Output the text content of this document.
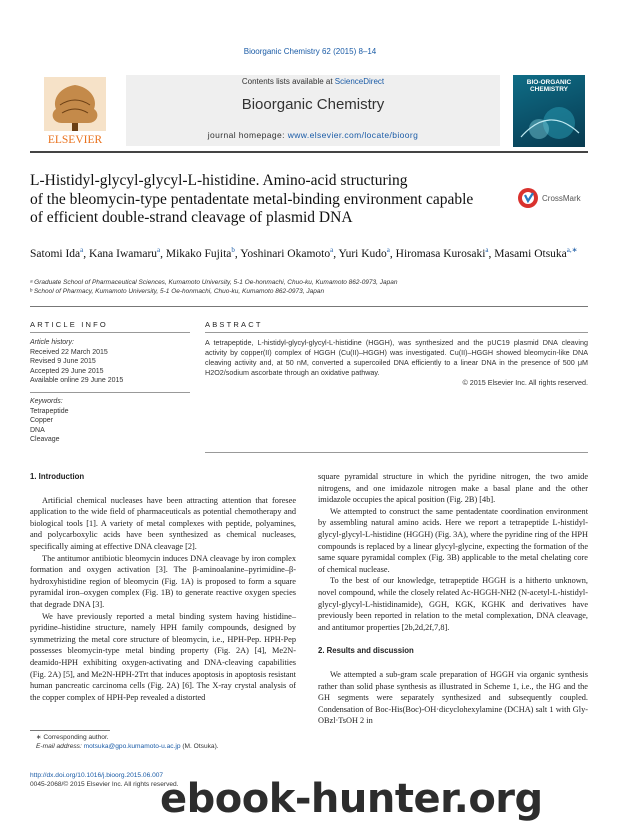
Bioorganic Chemistry 62 (2015) 8–14
ELSEVIER
Contents lists available at ScienceDirect
Bioorganic Chemistry
journal homepage: www.elsevier.com/locate/bioorg
BIO-ORGANIC CHEMISTRY
L-Histidyl-glycyl-glycyl-L-histidine. Amino-acid structuring
of the bleomycin-type pentadentate metal-binding environment capable
of efficient double-strand cleavage of plasmid DNA
CrossMark
Satomi Ida$^a$, Kana Iwamaru$^a$, Mikako Fujita$^b$, Yoshinari Okamoto$^a$, Yuri Kudo$^a$, Hiromasa Kurosaki$^a$, Masami Otsuka$^{a,∗}$
ᵃ Graduate School of Pharmaceutical Sciences, Kumamoto University, 5-1 Oe-honmachi, Chuo-ku, Kumamoto 862-0973, Japan
ᵇ School of Pharmacy, Kumamoto University, 5-1 Oe-honmachi, Chuo-ku, Kumamoto 862-0973, Japan
ARTICLE INFO	ABSTRACT
Article history:
Received 22 March 2015
Revised 9 June 2015
Accepted 29 June 2015
Available online 29 June 2015
Keywords:
Tetrapeptide
Copper
DNA
Cleavage
A tetrapeptide, L-histidyl-glycyl-glycyl-L-histidine (HGGH), was synthesized and the pUC19 plasmid DNA cleaving activity by copper(II) complex of HGGH (Cu(II)–HGGH) was investigated. Cu(II)–HGGH showed bleomycin-like DNA cleaving activity and, at 50 nM, converted a supercoiled DNA efficiently to a linear DNA in the presence of 500 μM H2O2/sodium ascorbate through an oxidative pathway.
© 2015 Elsevier Inc. All rights reserved.

1. Introduction

Artificial chemical nucleases have been attracting attention that foresee application to the wide field of pharmaceuticals as potential chemotherapy and biological tools [1]. A variety of metal complexes with peptide, polyamines, and polycarboxylic acids have been synthesized as chemical nucleases, specifically aiming at effective DNA cleavage [2].

The antitumor antibiotic bleomycin induces DNA cleavage by iron complex formation and oxygen activation [3]. The β-aminoalanine–pyrimidine–β-hydroxyhistidine region of bleomycin (Fig. 1A) is proposed to form a square pyramidal iron–oxygen complex (Fig. 1B) to generate reactive oxygen species that degrade DNA [3].

We have previously reported a metal binding system having histidine–pyridine–histidine structure, namely HPH family compounds, designed by symmetrizing the metal core structure of bleomycin, i.e., HPH-Pep. HPH-Pep possesses bleomycin-type metal binding property (Fig. 2A) [4], Me2N-deamido-HPH exhibiting oxygen-activating and DNA-cleaving capabilities (Fig. 2A) [5], and Me2N-HPH-2Trt that induces apoptosis in apoptosis resistant human pancreatic carcinoma cells (Fig. 2A) [6]. The X-ray crystal analysis of the copper complex of HPH-Pep revealed a distorted

square pyramidal structure in which the pyridine nitrogen, the two amide nitrogens, and one imidazole nitrogen make a basal plane and the other imidazole occupies the apical position (Fig. 2B) [4b].

We attempted to construct the same pentadentate coordination environment by assembling natural amino acids. Here we report a tetrapeptide L-histidyl-glycyl-glycyl-L-histidine (HGGH) (Fig. 3A), where the pyridine ring of the HPH compounds is replaced by a linear glycyl-glycine, expecting the formation of the same square pyramidal complex (Fig. 3B) applicable to the metal chelating core of chemical nuclease.

To the best of our knowledge, tetrapeptide HGGH is a hitherto unknown, novel compound, while the closely related Ac-HGGH-NH2 (N-acetyl-L-histidyl-glycyl-glycyl-L-histidinamide), GGH, KGK, KGHK and derivatives have previously been reported in relation to the metal complexation, DNA cleavage, and antitumor properties [2b,2d,2f,7,8].

2. Results and discussion

We attempted a sub-gram scale preparation of HGGH via organic synthesis rather than solid phase synthesis as illustrated in Scheme 1, i.e., the HG and the GH segments were separately synthesized and subsequently coupled. Condensation of Boc-His(Boc)-OH·dicyclohexylamine (DCHA) salt 1 with Gly-OBzl·TsOH 2 in

∗ Corresponding author.
E-mail address: motsuka@gpo.kumamoto-u.ac.jp (M. Otsuka).
http://dx.doi.org/10.1016/j.bioorg.2015.06.007
0045-2068/© 2015 Elsevier Inc. All rights reserved.
ebook-hunter.org
